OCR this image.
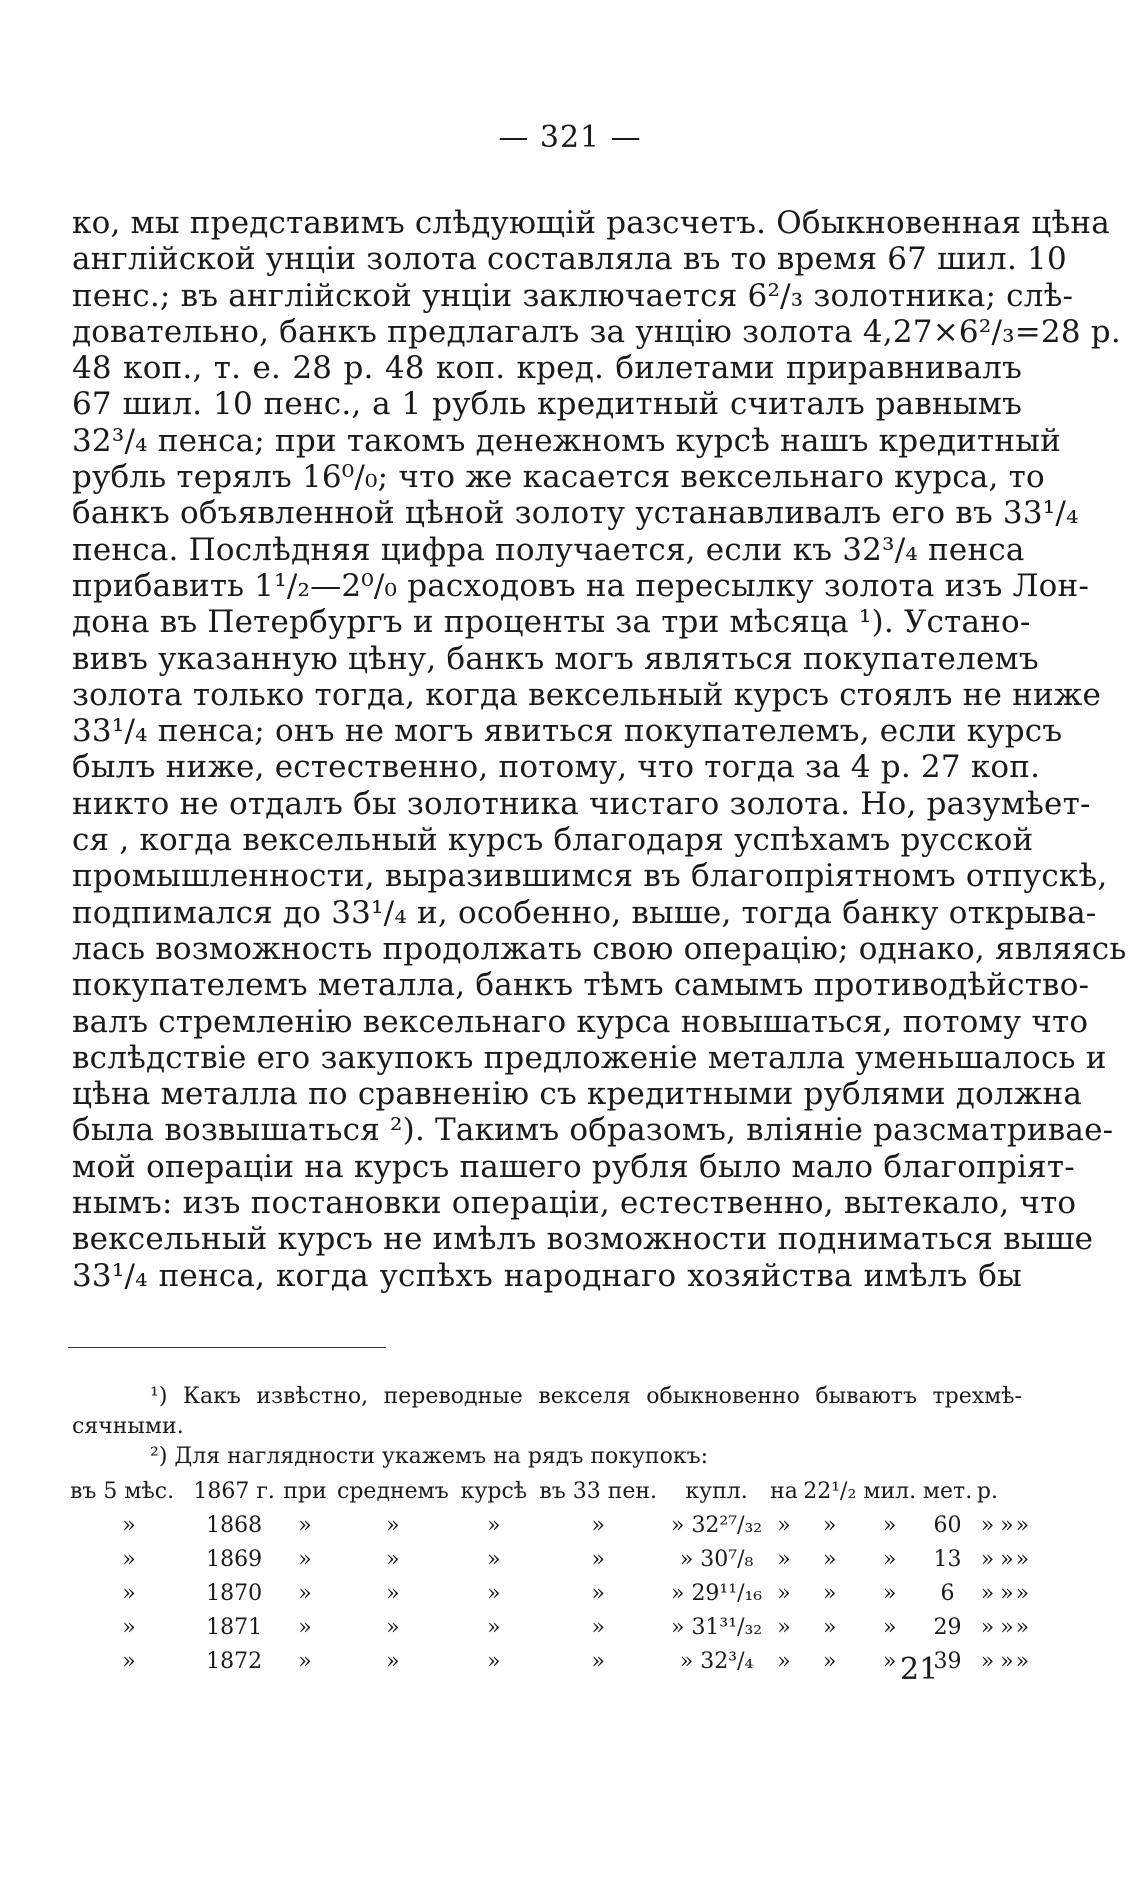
— 321 —
ко, мы представимъ слѣдующій разсчетъ. Обыкновенная цѣна
англійской унціи золота составляла въ то время 67 шил. 10
пенс.; въ англійской унціи заключается 6²/₃ золотника; слѣ-
довательно, банкъ предлагалъ за унцію золота 4,27×6²/₃=28 р.
48 коп., т. е. 28 р. 48 коп. кред. билетами приравнивалъ
67 шил. 10 пенс., а 1 рубль кредитный считалъ равнымъ
32³/₄ пенса; при такомъ денежномъ курсѣ нашъ кредитный
рубль терялъ 16⁰/₀; что же касается вексельнаго курса, то
банкъ объявленной цѣной золоту устанавливалъ его въ 33¹/₄
пенса. Послѣдняя цифра получается, если къ 32³/₄ пенса
прибавить 1¹/₂—2⁰/₀ расходовъ на пересылку золота изъ Лон-
дона въ Петербургъ и проценты за три мѣсяца ¹). Устано-
вивъ указанную цѣну, банкъ могъ являться покупателемъ
золота только тогда, когда вексельный курсъ стоялъ не ниже
33¹/₄ пенса; онъ не могъ явиться покупателемъ, если курсъ
былъ ниже, естественно, потому, что тогда за 4 р. 27 коп.
никто не отдалъ бы золотника чистаго золота. Но, разумѣет-
ся , когда вексельный курсъ благодаря успѣхамъ русской
промышленности, выразившимся въ благопріятномъ отпускѣ,
подпимался до 33¹/₄ и, особенно, выше, тогда банку открыва-
лась возможность продолжать свою операцію; однако, являясь
покупателемъ металла, банкъ тѣмъ самымъ противодѣйство-
валъ стремленію вексельнаго курса новышаться, потому что
вслѣдствіе его закупокъ предложеніе металла уменьшалось и
цѣна металла по сравненію съ кредитными рублями должна
была возвышаться ²). Такимъ образомъ, вліяніе разсматривае-
мой операціи на курсъ пашего рубля было мало благопріят-
нымъ: изъ постановки операціи, естественно, вытекало, что
вексельный курсъ не имѣлъ возможности подниматься выше
33¹/₄ пенса, когда успѣхъ народнаго хозяйства имѣлъ бы
¹) Какъ извѣстно, переводные векселя обыкновенно бываютъ трехмѣ-
сячными.
²) Для наглядности укажемъ на рядъ покупокъ:
въ 5 мѣс.	1867 г.	при	среднемъ	курсѣ	въ 33 пен.	купл.	на	22¹/₂	мил.	мет.	р.		
»	1868	»	»	»	»	» 32²⁷/₃₂	»	»	»	60	»	»	»
»	1869	»	»	»	»	» 30⁷/₈	»	»	»	13	»	»	»
»	1870	»	»	»	»	» 29¹¹/₁₆	»	»	»	6	»	»	»
»	1871	»	»	»	»	» 31³¹/₃₂	»	»	»	29	»	»	»
»	1872	»	»	»	»	» 32³/₄	»	»	»	39	»	»	»
21
